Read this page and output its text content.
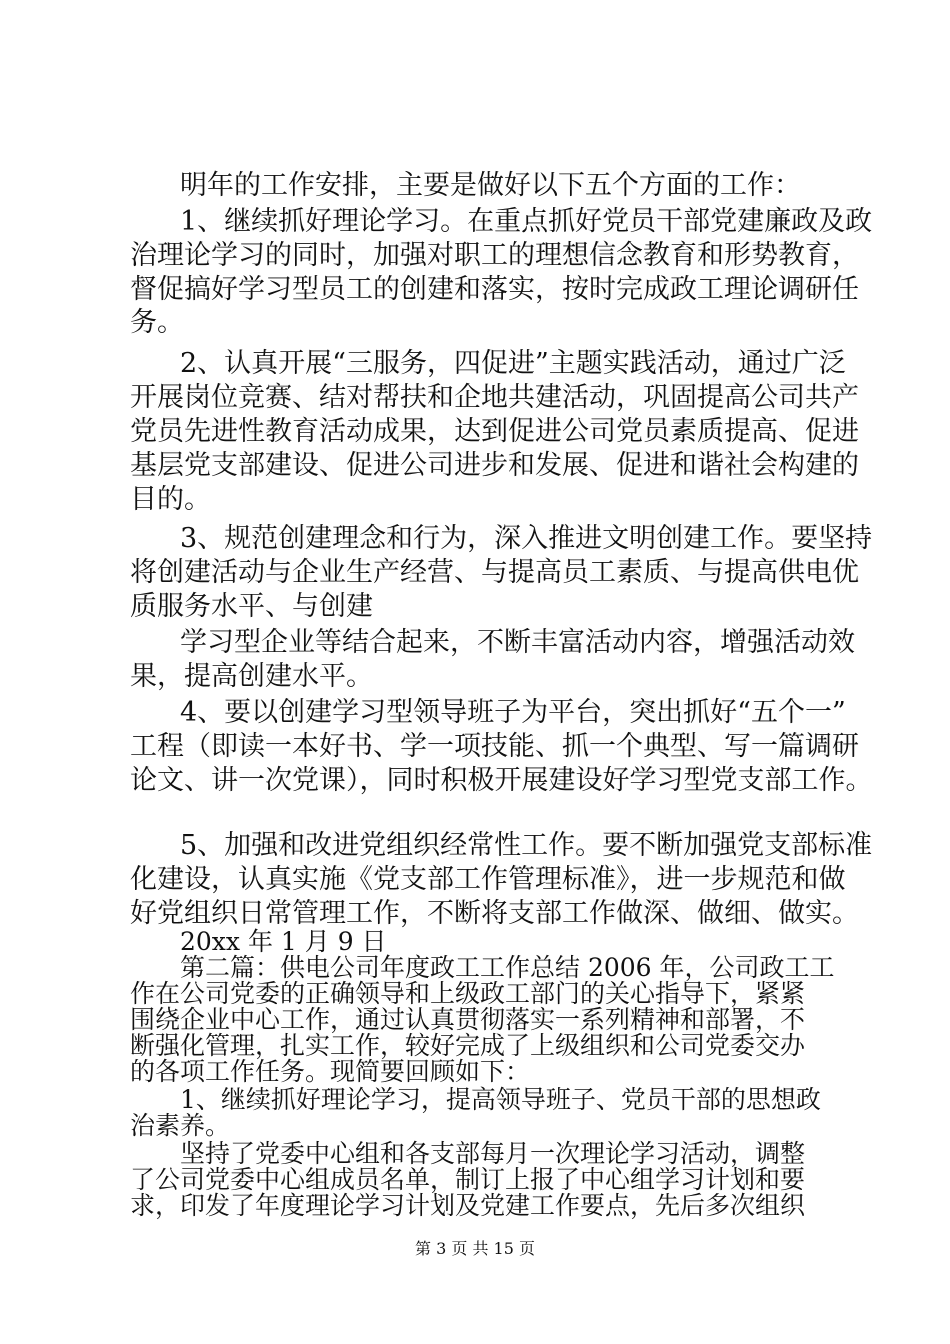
明年的工作安排，主要是做好以下五个方面的工作：
1、继续抓好理论学习。在重点抓好党员干部党建廉政及政
治理论学习的同时，加强对职工的理想信念教育和形势教育，
督促搞好学习型员工的创建和落实，按时完成政工理论调研任
务。
2、认真开展“三服务，四促进”主题实践活动，通过广泛
开展岗位竞赛、结对帮扶和企地共建活动，巩固提高公司共产
党员先进性教育活动成果，达到促进公司党员素质提高、促进
基层党支部建设、促进公司进步和发展、促进和谐社会构建的
目的。
3、规范创建理念和行为，深入推进文明创建工作。要坚持
将创建活动与企业生产经营、与提高员工素质、与提高供电优
质服务水平、与创建
学习型企业等结合起来，不断丰富活动内容，增强活动效
果，提高创建水平。
4、要以创建学习型领导班子为平台，突出抓好“五个一”
工程（即读一本好书、学一项技能、抓一个典型、写一篇调研
论文、讲一次党课），同时积极开展建设好学习型党支部工作。
5、加强和改进党组织经常性工作。要不断加强党支部标准
化建设，认真实施《党支部工作管理标准》，进一步规范和做
好党组织日常管理工作，不断将支部工作做深、做细、做实。
20xx 年 1 月 9 日
第二篇：供电公司年度政工工作总结 2006 年，公司政工工
作在公司党委的正确领导和上级政工部门的关心指导下，紧紧
围绕企业中心工作，通过认真贯彻落实一系列精神和部署，不
断强化管理，扎实工作，较好完成了上级组织和公司党委交办
的各项工作任务。现简要回顾如下：
1、继续抓好理论学习，提高领导班子、党员干部的思想政
治素养。
坚持了党委中心组和各支部每月一次理论学习活动，调整
了公司党委中心组成员名单，制订上报了中心组学习计划和要
求，印发了年度理论学习计划及党建工作要点，先后多次组织
第 3 页 共 15 页
